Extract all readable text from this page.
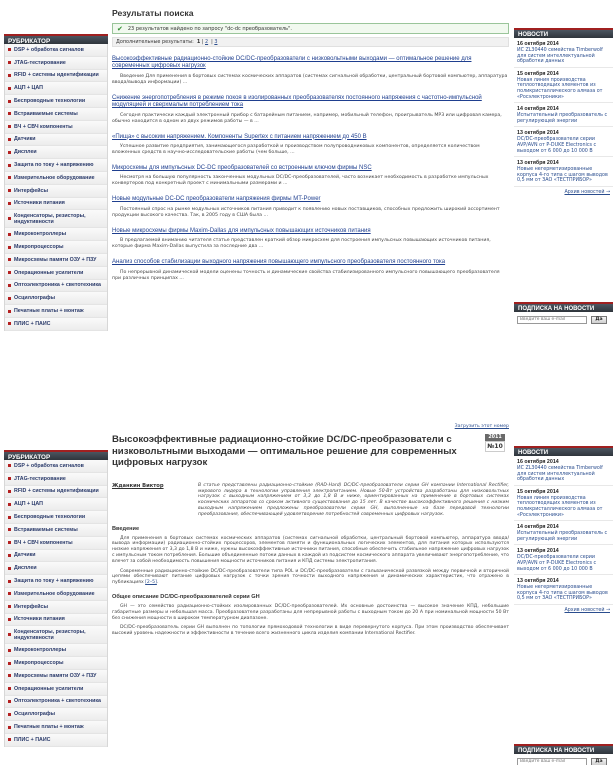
РУБРИКАТОР
DSP + обработка сигналов
JTAG-тестирование
RFID + системы идентификации
АЦП + ЦАП
Беспроводные технологии
Встраиваемые системы
ВЧ + СВЧ компоненты
Датчики
Дисплеи
Защита по току + напряжению
Измерительное оборудование
Интерфейсы
Источники питания
Конденсаторы, резисторы, индуктивности
Микроконтроллеры
Микропроцессоры
Микросхемы памяти ОЗУ + ПЗУ
Операционные усилители
Оптоэлектроника + светотехника
Осциллографы
Печатные платы + монтаж
ПЛИС + ПАИС
Результаты поиска
✔ 23 результатов найдено по запросу "dc-dc преобразователь".
Дополнительные результаты: 1 | 2 | 3
Высокоэффективные радиационно-стойкие DC/DC-преобразователи с низковольтными выходами — оптимальное решение для современных цифровых нагрузок
Введение Для применения в бортовых системах космических аппаратов (системах сигнальной обработки, центральный бортовой компьютер, аппаратура ввода/вывода информации) ...
Снижение энергопотребления в режиме покоя в изолированных преобразователях постоянного напряжения с частотно-импульсной модуляцией и сверхмалым потреблением тока
Сегодня практически каждый электронный прибор с батарейным питанием, например, мобильный телефон, проигрыватель MP3 или цифровая камера, обычно находится в одном из двух режимов работы — в ...
«Пища» с высоким напряжением. Компоненты Supertex с питанием напряжением до 450 В
Успешное развитие предприятия, занимающегося разработкой и производством полупроводниковых компонентов, определяется количеством вложенных средств в научно-исследовательские работы (чем больше, ...
Микросхемы для импульсных DC-DC преобразователей со встроенным ключом фирмы NSC
Несмотря на большую популярность законченных модульных DC/DC-преобразователей, часто возникает необходимость в разработке импульсных конвертеров под конкретный проект с минимальными размерами и ...
Новые модульные DC-DC преобразователи напряжения фирмы MT-Power
Постоянный спрос на рынке модульных источников питания приводит к появлению новых поставщиков, способных предложить широкий ассортимент продукции высокого качества. Так, в 2005 году в США была ...
Новые микросхемы фирмы Maxim-Dallas для импульсных повышающих источников питания
В предлагаемой вниманию читателя статье представлен краткий обзор микросхем для построения импульсных повышающих источников питания, которые фирма Maxim-Dallas выпустила за последние два ...
Анализ способов стабилизации выходного напряжения повышающего импульсного преобразователя постоянного тока
По непрерывной динамической модели оценены точность и динамические свойства стабилизированного импульсного повышающего преобразователя при различных принципах ...
НОВОСТИ
16 октября 2014
ИС ZL30440 семейства Timberwolf для систем интеллектуальной обработки данных
15 октября 2014
Новая линия производства теплоотводящих элементов из поликристаллического алмаза от «Росэлектроники»
14 октября 2014
Испытательный преобразователь с регулирующей энергии
13 октября 2014
DC/DC-преобразователи серии AVP/AVN от P-DUKE Electronics с выходом от 6 000 до 10 000 В
13 октября 2014
Новые негерметизированные корпуса 4-го типа с шагом выводов 0,5 мм от ЗАО «ТЕСТПРИБОР»
Архив новостей →
ПОДПИСКА НА НОВОСТИ
Введите ваш e-mail
Да
РУБРИКАТОР
DSP + обработка сигналов
JTAG-тестирование
RFID + системы идентификации
АЦП + ЦАП
Беспроводные технологии
Встраиваемые системы
ВЧ + СВЧ компоненты
Датчики
Дисплеи
Защита по току + напряжению
Измерительное оборудование
Интерфейсы
Источники питания
Конденсаторы, резисторы, индуктивности
Микроконтроллеры
Микропроцессоры
Микросхемы памяти ОЗУ + ПЗУ
Операционные усилители
Оптоэлектроника + светотехника
Осциллографы
Печатные платы + монтаж
ПЛИС + ПАИС
Загрузить этот номер
2011
№10
Высокоэффективные радиационно-стойкие DC/DC-преобразователи с низковольтными выходами — оптимальное решение для современных цифровых нагрузок
Жданкин Виктор	В статье представлены радиационно-стойкие (RAD-Hard) DC/DC-преобразователи серии GH компании International Rectifier, мирового лидера в технологии управления электропитанием. Новые 50-Вт устройства разработаны для низковольтных нагрузок с выходным напряжением от 3,3 до 1,8 В и ниже, ориентированных на применение в бортовых системах космических аппаратов со сроком активного существования до 15 лет. В качестве высокоэффективного решения с низким выходным напряжением предложены преобразователи серии GH, выполненные на базе передовой технологии преобразования, обеспечивающей удовлетворение потребностей современных цифровых нагрузок.
Введение
Для применения в бортовых системах космических аппаратов (системах сигнальной обработки, центральный бортовой компьютер, аппаратура ввода/вывода информации) радиационно-стойких процессоров, элементов памяти и функциональных логических элементов, для питания которых используются низкие напряжения от 3,3 до 1,8 В и ниже, нужны высокоэффективные источники питания, способные обеспечить стабильное напряжение цифровых нагрузок с импульсным током потребления. Большие объединенные потоки данных в каждой из подсистем космического аппарата увеличивают энергопотребление, что влечет за собой необходимость повышения мощности источников питания и КПД системы электропитания.
Современные радиационно-стойкие DC/DC-преобразователи типа POL и DC/DC-преобразователи с гальванической развязкой между первичной и вторичной цепями обеспечивают питание цифровых нагрузок с точки зрения точности выходного напряжения и динамических характеристик, что отражено в публикациях [2–5].
Общее описание DC/DC-преобразователей серии GH
GH — это семейство радиационно-стойких изолированных DC/DC-преобразователей. Их основные достоинства — высокое значение КПД, небольшие габаритные размеры и небольшая масса. Преобразователи разработаны для непрерывной работы с выходным током до 20 А при номинальной мощности 50 Вт без снижения мощности в широком температурном диапазоне.
DC/DC-преобразователь серии GH выполнен по топологии прямоходовой технологии в виде перевернутого корпуса. При этом производство обеспечивает высокий уровень надежности и эффективности в течение всего жизненного цикла изделия компании International Rectifier.
НОВОСТИ
16 октября 2014
ИС ZL30440 семейства Timberwolf для систем интеллектуальной обработки данных
15 октября 2014
Новая линия производства теплоотводящих элементов из поликристаллического алмаза от «Росэлектроники»
14 октября 2014
Испытательный преобразователь с регулирующей энергии
13 октября 2014
DC/DC-преобразователи серии AVP/AVN от P-DUKE Electronics с выходом от 6 000 до 10 000 В
13 октября 2014
Новые негерметизированные корпуса 4-го типа с шагом выводов 0,5 мм от ЗАО «ТЕСТПРИБОР»
Архив новостей →
ПОДПИСКА НА НОВОСТИ
Введите ваш e-mail
Да
